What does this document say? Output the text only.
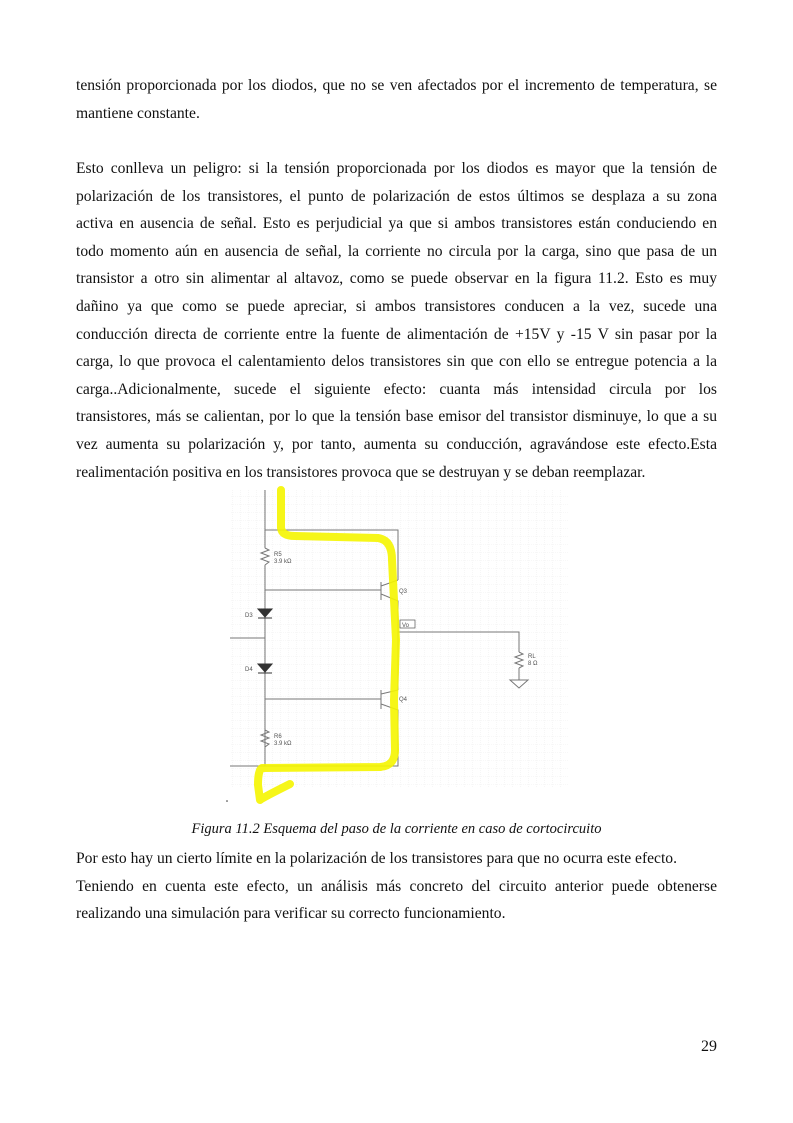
tensión proporcionada por los diodos, que no se ven afectados por el incremento de temperatura, se
mantiene constante.
Esto conlleva un peligro: si la tensión proporcionada por los diodos es mayor que la tensión de
polarización de los transistores, el punto de polarización de estos últimos se desplaza a su zona
activa en ausencia de señal. Esto es perjudicial ya que si ambos transistores están conduciendo en
todo momento aún en ausencia de señal, la corriente no circula por la carga, sino que pasa de un
transistor a otro sin alimentar al altavoz, como se puede observar en la figura 11.2. Esto es muy
dañino ya que como se puede apreciar, si ambos transistores conducen a la vez, sucede una
conducción directa de corriente entre la fuente de alimentación de +15V y -15 V sin pasar por la
carga, lo que provoca el calentamiento delos transistores sin que con ello se entregue potencia a la
carga..Adicionalmente, sucede el siguiente efecto: cuanta más intensidad circula por los
transistores, más se calientan, por lo que la tensión base emisor del transistor disminuye, lo que a su
vez aumenta su polarización y, por tanto, aumenta su conducción, agravándose este efecto.Esta
realimentación positiva en los transistores provoca que se destruyan y se deban reemplazar.
R5
3.9 kΩ
R6
3.9 kΩ
D3
D4
Q3
Q4
Vo
RL
8 Ω
Figura 11.2 Esquema del paso de la corriente en caso de cortocircuito
Por esto hay un cierto límite en la polarización de los transistores para que no ocurra este efecto.
Teniendo en cuenta este efecto, un análisis más concreto del circuito anterior puede obtenerse
realizando una simulación para verificar su correcto funcionamiento.
29
